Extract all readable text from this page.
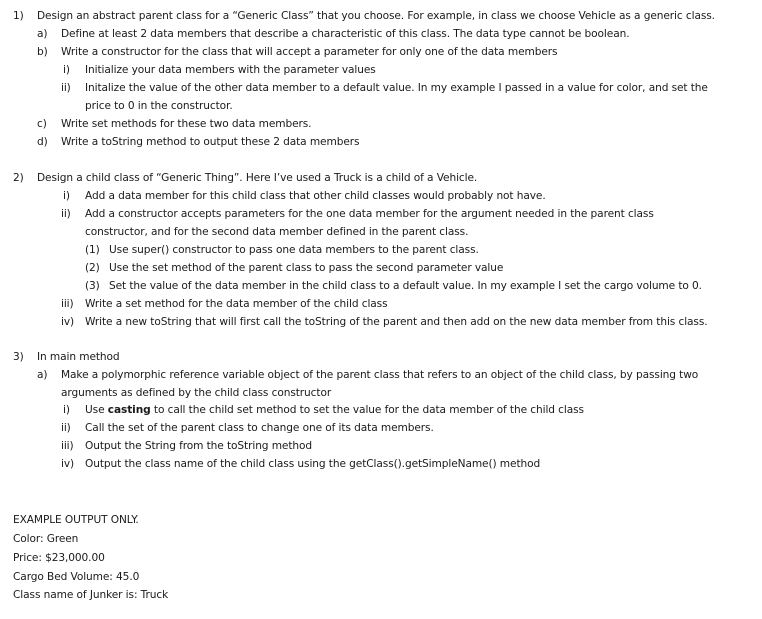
1) Design an abstract parent class for a “Generic Class” that you choose. For example, in class we choose Vehicle as a generic class.
a) Define at least 2 data members that describe a characteristic of this class. The data type cannot be boolean.
b) Write a constructor for the class that will accept a parameter for only one of the data members
i) Initialize your data members with the parameter values
ii) Initalize the value of the other data member to a default value. In my example I passed in a value for color, and set the
price to 0 in the constructor.
c) Write set methods for these two data members.
d) Write a toString method to output these 2 data members
2) Design a child class of “Generic Thing”. Here I’ve used a Truck is a child of a Vehicle.
i) Add a data member for this child class that other child classes would probably not have.
ii) Add a constructor accepts parameters for the one data member for the argument needed in the parent class
constructor, and for the second data member defined in the parent class.
(1) Use super() constructor to pass one data members to the parent class.
(2) Use the set method of the parent class to pass the second parameter value
(3) Set the value of the data member in the child class to a default value. In my example I set the cargo volume to 0.
iii) Write a set method for the data member of the child class
iv) Write a new toString that will first call the toString of the parent and then add on the new data member from this class.
3) In main method
a) Make a polymorphic reference variable object of the parent class that refers to an object of the child class, by passing two
arguments as defined by the child class constructor
i) Use casting to call the child set method to set the value for the data member of the child class
ii) Call the set of the parent class to change one of its data members.
iii) Output the String from the toString method
iv) Output the class name of the child class using the getClass().getSimpleName() method
EXAMPLE OUTPUT ONLY.
Color: Green
Price: $23,000.00
Cargo Bed Volume: 45.0
Class name of Junker is: Truck
